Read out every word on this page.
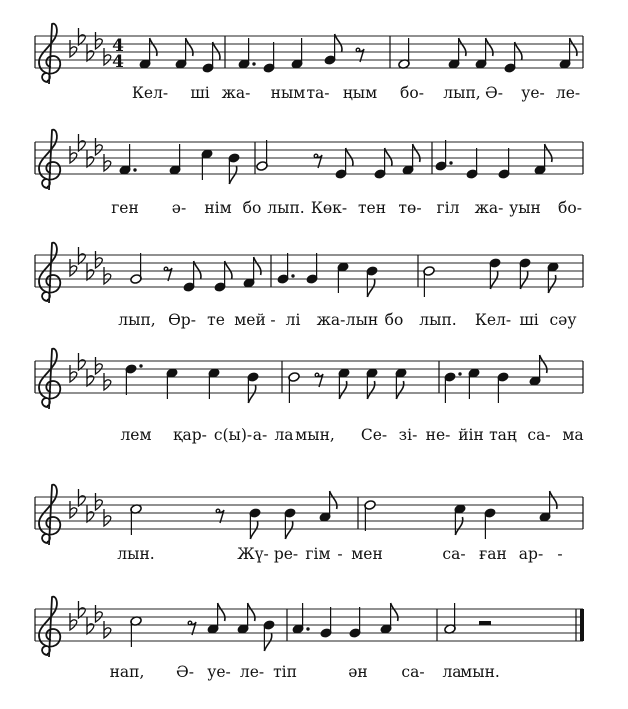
4
4
Кел- ші жа- ным та- ңым бо- лып, Ә- уе- ле-
ген ә- нім бо лып. Көк- тен тө- гіл жа- уын бо-
лып, Өр- те мей - лі жа- лын бо лып. Кел- ші сәу
лем қар- с(ы)- а- ла мын, Се- зі- не- йін таң са- ма
лын.	Жү- ре- гім - мен	са- ған ар- -
нап, Ә- уе- ле- тіп	ән са- ла
мын.
